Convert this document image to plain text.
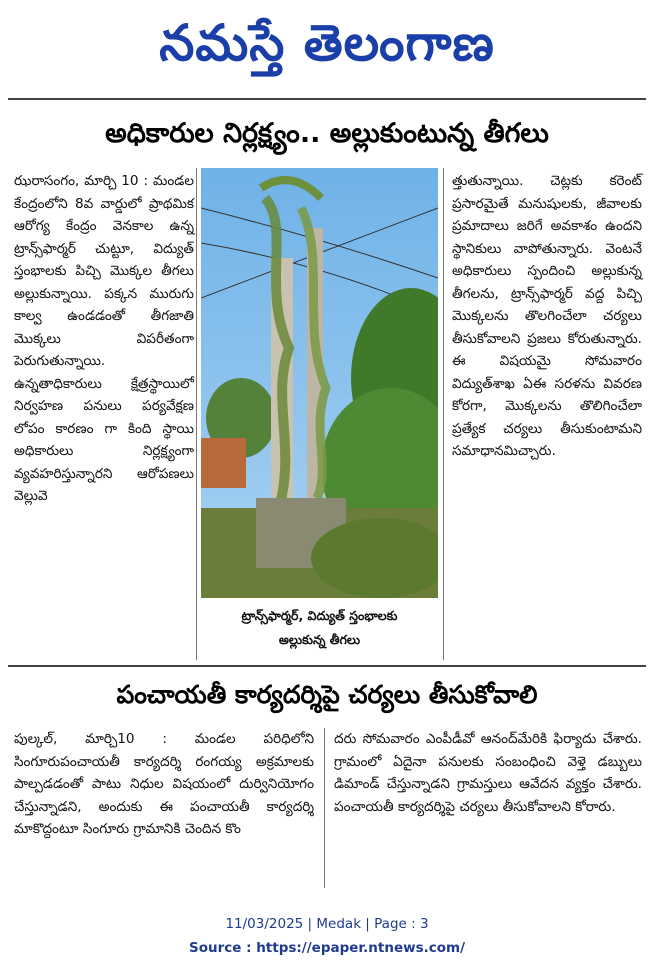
నమస్తే తెలంగాణ
అధికారుల నిర్లక్ష్యం.. అల్లుకుంటున్న తీగలు
ఝరాసంగం, మార్చి 10 : మండల కేంద్రంలోని 8వ వార్డులో ప్రాథమిక ఆరోగ్య కేంద్రం వెనకాల ఉన్న ట్రాన్స్‌ఫార్మర్ చుట్టూ, విద్యుత్ స్తంభాలకు పిచ్చి మొక్కల తీగలు అల్లుకున్నాయి. పక్కన మురుగు కాల్వ ఉండడంతో తీగజాతి మొక్కలు విపరీతంగా పెరుగుతున్నాయి. ఉన్నతాధికారులు క్షేత్రస్థాయిలో నిర్వహణ పనులు పర్యవేక్షణ లోపం కారణం గా కింది స్థాయి అధికారులు నిర్లక్ష్యంగా వ్యవహరిస్తున్నారని ఆరోపణలు వెల్లువె
ట్రాన్స్‌ఫార్మర్, విద్యుత్ స్తంభాలకు
అల్లుకున్న తీగలు
త్తుతున్నాయి. చెట్లకు కరెంట్ ప్రసారమైతే మనుషులకు, జీవాలకు ప్రమాదాలు జరిగే అవకాశం ఉందని స్థానికులు వాపోతున్నారు. వెంటనే అధికారులు స్పందించి అల్లుకున్న తీగలను, ట్రాన్స్‌ఫార్మర్ వద్ద పిచ్చి మొక్కలను తొలగించేలా చర్యలు తీసుకోవాలని ప్రజలు కోరుతున్నారు. ఈ విషయమై సోమవారం విద్యుత్‌శాఖ ఏఈ సరళను వివరణ కోరగా, మొక్కలను తొలిగించేలా ప్రత్యేక చర్యలు తీసుకుంటామని సమాధానమిచ్చారు.
పంచాయతీ కార్యదర్శిపై చర్యలు తీసుకోవాలి
పుల్కల్, మార్చి10 : మండల పరిధిలోని సింగూరుపంచాయతీ కార్యదర్శి రంగయ్య అక్రమాలకు పాల్పడడంతో పాటు నిధుల విషయంలో దుర్వినియోగం చేస్తున్నాడని, అందుకు ఈ పంచాయతీ కార్యదర్శి మాకొద్దంటూ సింగూరు గ్రామానికి చెందిన కొం
దరు సోమవారం ఎంపీడీవో ఆనంద్‌మేరికి ఫిర్యాదు చేశారు. గ్రామంలో ఏదైనా పనులకు సంబంధించి వెళ్తె డబ్బులు డిమాండ్ చేస్తున్నాడని గ్రామస్తులు ఆవేదన వ్యక్తం చేశారు. పంచాయతీ కార్యదర్శిపై చర్యలు తీసుకోవాలని కోరారు.
11/03/2025 | Medak | Page : 3
Source : https://epaper.ntnews.com/
